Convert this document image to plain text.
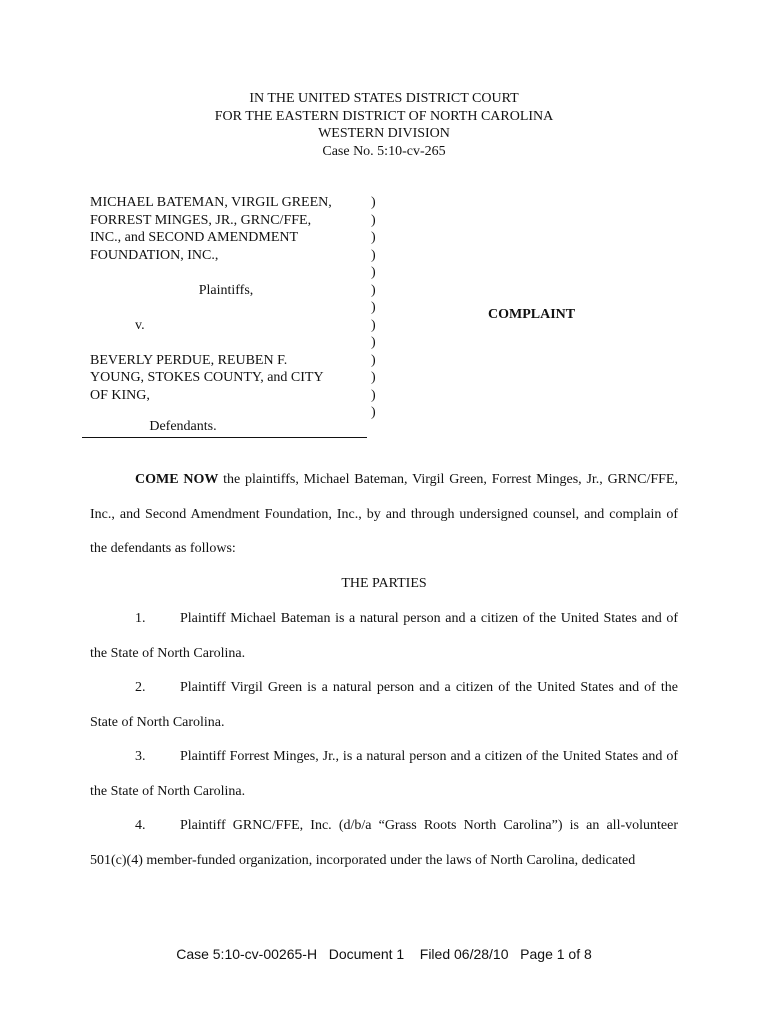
IN THE UNITED STATES DISTRICT COURT
FOR THE EASTERN DISTRICT OF NORTH CAROLINA
WESTERN DIVISION
Case No. 5:10-cv-265
MICHAEL BATEMAN, VIRGIL GREEN,
FORREST MINGES, JR., GRNC/FFE,
INC., and SECOND AMENDMENT
FOUNDATION, INC.,
Plaintiffs,
v.
BEVERLY PERDUE, REUBEN F.
YOUNG, STOKES COUNTY, and CITY
OF KING,
Defendants.
)
)
)
)
)
)
)
)
)
)
)
)
)
COMPLAINT
COME NOW the plaintiffs, Michael Bateman, Virgil Green, Forrest Minges, Jr., GRNC/FFE, Inc., and Second Amendment Foundation, Inc., by and through undersigned counsel, and complain of the defendants as follows:
THE PARTIES
1. Plaintiff Michael Bateman is a natural person and a citizen of the United States and of the State of North Carolina.
2. Plaintiff Virgil Green is a natural person and a citizen of the United States and of the State of North Carolina.
3. Plaintiff Forrest Minges, Jr., is a natural person and a citizen of the United States and of the State of North Carolina.
4. Plaintiff GRNC/FFE, Inc. (d/b/a “Grass Roots North Carolina”) is an all-volunteer 501(c)(4) member-funded organization, incorporated under the laws of North Carolina, dedicated
Case 5:10-cv-00265-H   Document 1    Filed 06/28/10   Page 1 of 8
